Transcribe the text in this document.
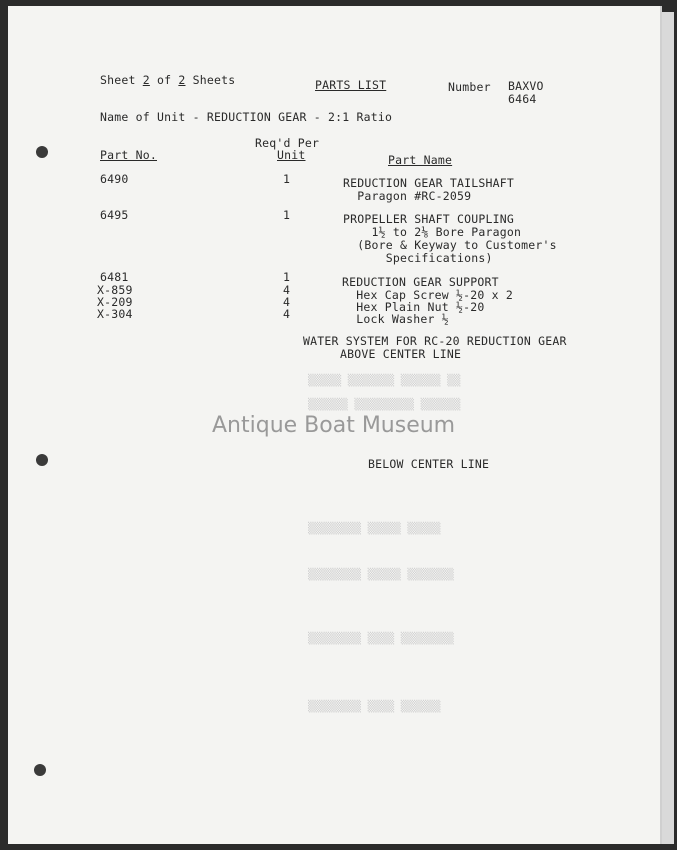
▒▒▒▒▒ ▒▒▒▒▒▒▒ ▒▒▒▒▒▒ ▒▒
▒▒▒▒▒▒ ▒▒▒▒▒▒▒▒▒ ▒▒▒▒▒▒
▒▒▒▒▒▒▒▒ ▒▒▒▒▒ ▒▒▒▒▒
▒▒▒▒▒▒▒▒ ▒▒▒▒▒ ▒▒▒▒▒▒▒
▒▒▒▒▒▒▒▒ ▒▒▒▒ ▒▒▒▒▒▒▒▒
▒▒▒▒▒▒▒▒ ▒▒▒▒ ▒▒▒▒▒▒
Sheet 2 of 2 Sheets	PARTS LIST	Number BAXVO
6464
Name of Unit - REDUCTION GEAR - 2:1 Ratio
Part No.
Req'd Per
Unit	Part Name
6490	1	REDUCTION GEAR TAILSHAFT
Paragon #RC-2059
6495	1	PROPELLER SHAFT COUPLING
1½ to 2⅛ Bore Paragon
(Bore & Keyway to Customer's
Specifications)
6481	1	REDUCTION GEAR SUPPORT
X-859	4	Hex Cap Screw ½-20 x 2
X-209	4	Hex Plain Nut ½-20
X-304	4	Lock Washer ½
WATER SYSTEM FOR RC-20 REDUCTION GEAR
ABOVE CENTER LINE
Antique Boat Museum
BELOW CENTER LINE
